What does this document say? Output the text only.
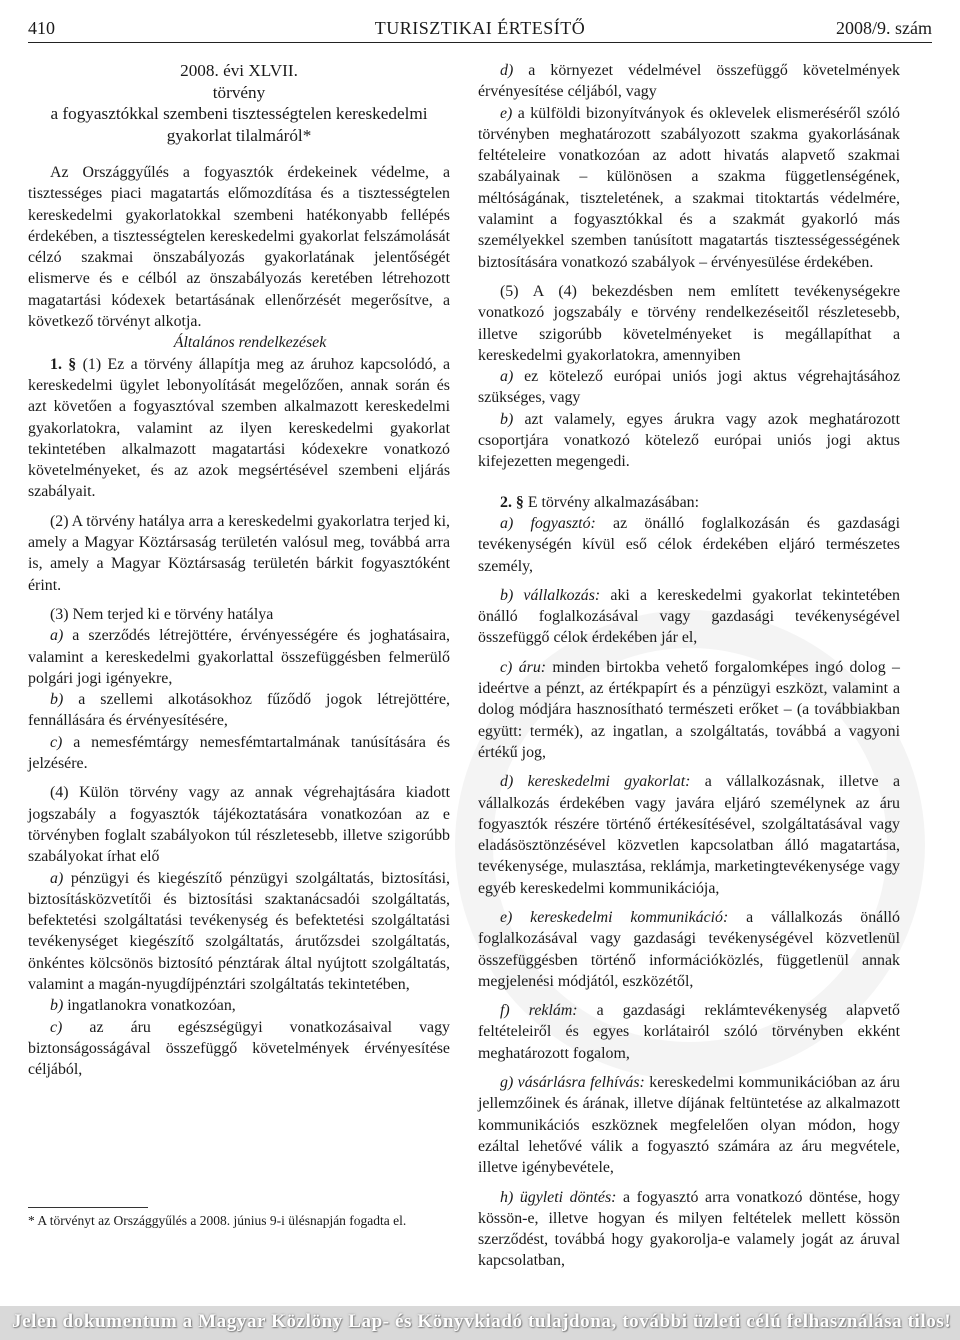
410	TURISZTIKAI ÉRTESÍTŐ	2008/9. szám
2008. évi XLVII.
törvény
a fogyasztókkal szembeni tisztességtelen kereskedelmi
gyakorlat tilalmáról*

Az Országgyűlés a fogyasztók érdekeinek védelme, a tisztességes piaci magatartás előmozdítása és a tisztességtelen kereskedelmi gyakorlatokkal szembeni hatékonyabb fellépés érdekében, a tisztességtelen kereskedelmi gyakorlat felszámolását célzó szakmai önszabályozás gyakorlatának jelentőségét elismerve és e célból az önszabályozás keretében létrehozott magatartási kódexek betartásának ellenőrzését megerősítve, a következő törvényt alkotja.

Általános rendelkezések

1. § (1) Ez a törvény állapítja meg az áruhoz kapcsolódó, a kereskedelmi ügylet lebonyolítását megelőzően, annak során és azt követően a fogyasztóval szemben alkalmazott kereskedelmi gyakorlatokra, valamint az ilyen kereskedelmi gyakorlat tekintetében alkalmazott magatartási kódexekre vonatkozó követelményeket, és az azok megsértésével szembeni eljárás szabályait.

(2) A törvény hatálya arra a kereskedelmi gyakorlatra terjed ki, amely a Magyar Köztársaság területén valósul meg, továbbá arra is, amely a Magyar Köztársaság területén bárkit fogyasztóként érint.

(3) Nem terjed ki e törvény hatálya

a) a szerződés létrejöttére, érvényességére és joghatásaira, valamint a kereskedelmi gyakorlattal összefüggésben felmerülő polgári jogi igényekre,

b) a szellemi alkotásokhoz fűződő jogok létrejöttére, fennállására és érvényesítésére,

c) a nemesfémtárgy nemesfémtartalmának tanúsítására és jelzésére.

(4) Külön törvény vagy az annak végrehajtására kiadott jogszabály a fogyasztók tájékoztatására vonatkozóan az e törvényben foglalt szabályokon túl részletesebb, illetve szigorúbb szabályokat írhat elő

a) pénzügyi és kiegészítő pénzügyi szolgáltatás, biztosítási, biztosításközvetítői és biztosítási szaktanácsadói szolgáltatás, befektetési szolgáltatási tevékenység és befektetési szolgáltatási tevékenységet kiegészítő szolgáltatás, árutőzsdei szolgáltatás, önkéntes kölcsönös biztosító pénztárak által nyújtott szolgáltatás, valamint a magán-nyugdíjpénztári szolgáltatás tekintetében,

b) ingatlanokra vonatkozóan,

c) az áru egészségügyi vonatkozásaival vagy biztonságosságával összefüggő követelmények érvényesítése céljából,

* A törvényt az Országgyűlés a 2008. június 9-i ülésnapján fogadta el.

d) a környezet védelmével összefüggő követelmények érvényesítése céljából, vagy

e) a külföldi bizonyítványok és oklevelek elismeréséről szóló törvényben meghatározott szabályozott szakma gyakorlásának feltételeire vonatkozóan az adott hivatás alapvető szakmai szabályainak – különösen a szakma függetlenségének, méltóságának, tiszteletének, a szakmai titoktartás védelmére, valamint a fogyasztókkal és a szakmát gyakorló más személyekkel szemben tanúsított magatartás tisztességességének biztosítására vonatkozó szabályok – érvényesülése érdekében.

(5) A (4) bekezdésben nem említett tevékenységekre vonatkozó jogszabály e törvény rendelkezéseitől részletesebb, illetve szigorúbb követelményeket is megállapíthat a kereskedelmi gyakorlatokra, amennyiben

a) ez kötelező európai uniós jogi aktus végrehajtásához szükséges, vagy

b) azt valamely, egyes árukra vagy azok meghatározott csoportjára vonatkozó kötelező európai uniós jogi aktus kifejezetten megengedi.

2. § E törvény alkalmazásában:

a) fogyasztó: az önálló foglalkozásán és gazdasági tevékenységén kívül eső célok érdekében eljáró természetes személy,

b) vállalkozás: aki a kereskedelmi gyakorlat tekintetében önálló foglalkozásával vagy gazdasági tevékenységével összefüggő célok érdekében jár el,

c) áru: minden birtokba vehető forgalomképes ingó dolog – ideértve a pénzt, az értékpapírt és a pénzügyi eszközt, valamint a dolog módjára hasznosítható természeti erőket – (a továbbiakban együtt: termék), az ingatlan, a szolgáltatás, továbbá a vagyoni értékű jog,

d) kereskedelmi gyakorlat: a vállalkozásnak, illetve a vállalkozás érdekében vagy javára eljáró személynek az áru fogyasztók részére történő értékesítésével, szolgáltatásával vagy eladásösztönzésével közvetlen kapcsolatban álló magatartása, tevékenysége, mulasztása, reklámja, marketingtevékenysége vagy egyéb kereskedelmi kommunikációja,

e) kereskedelmi kommunikáció: a vállalkozás önálló foglalkozásával vagy gazdasági tevékenységével közvetlenül összefüggésben történő információközlés, függetlenül annak megjelenési módjától, eszközétől,

f) reklám: a gazdasági reklámtevékenység alapvető feltételeiről és egyes korlátairól szóló törvényben ekként meghatározott fogalom,

g) vásárlásra felhívás: kereskedelmi kommunikációban az áru jellemzőinek és árának, illetve díjának feltüntetése az alkalmazott kommunikációs eszköznek megfelelően olyan módon, hogy ezáltal lehetővé válik a fogyasztó számára az áru megvétele, illetve igénybevétele,

h) ügyleti döntés: a fogyasztó arra vonatkozó döntése, hogy kössön-e, illetve hogyan és milyen feltételek mellett kössön szerződést, továbbá hogy gyakorolja-e valamely jogát az áruval kapcsolatban,

Jelen dokumentum a Magyar Közlöny Lap- és Könyvkiadó tulajdona, további üzleti célú felhasználása tilos!
